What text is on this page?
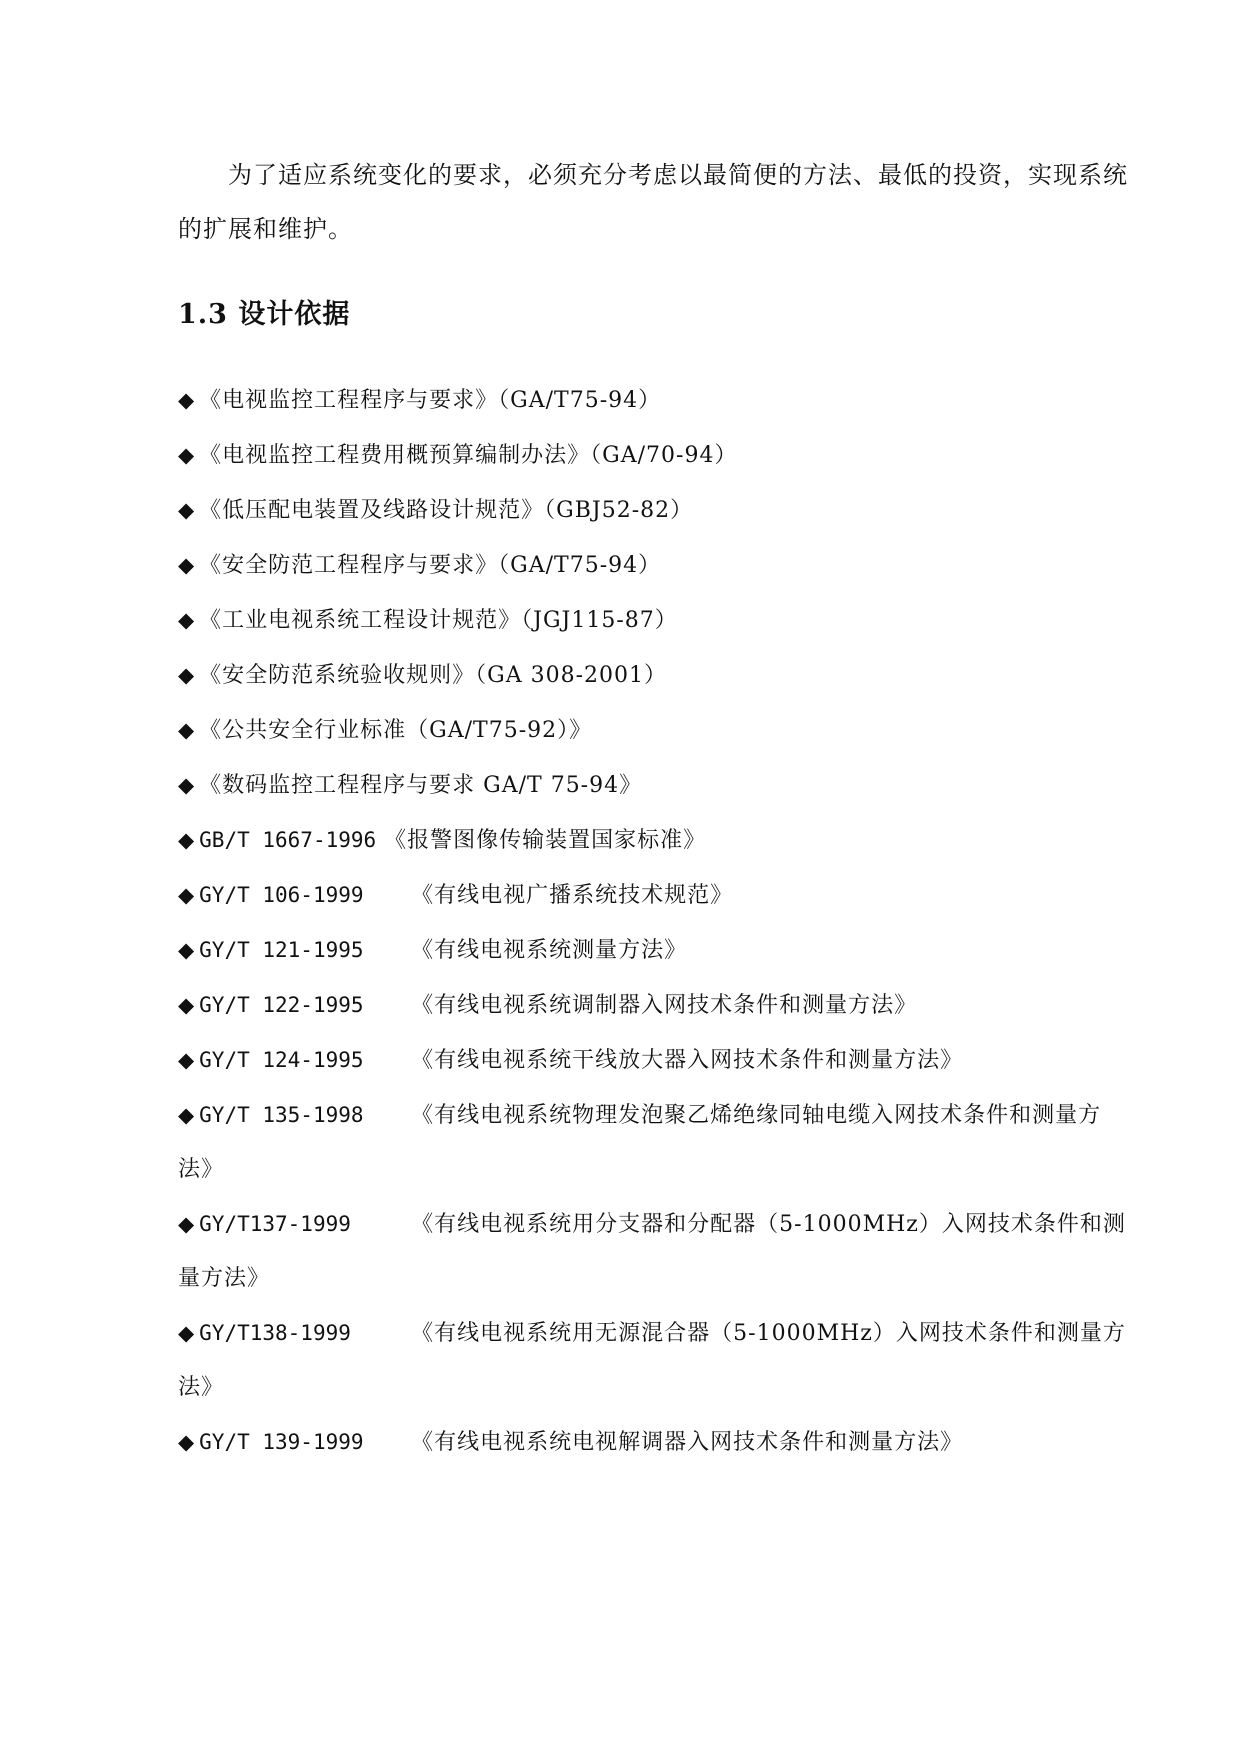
为了适应系统变化的要求，必须充分考虑以最简便的方法、最低的投资，实现系统的扩展和维护。

1.3 设计依据
◆ 《电视监控工程程序与要求》（GA/T75-94）
◆ 《电视监控工程费用概预算编制办法》（GA/70-94）
◆ 《低压配电装置及线路设计规范》（GBJ52-82）
◆ 《安全防范工程程序与要求》（GA/T75-94）
◆ 《工业电视系统工程设计规范》（JGJ115-87）
◆ 《安全防范系统验收规则》（GA 308-2001）
◆ 《公共安全行业标准（GA/T75-92）》
◆ 《数码监控工程程序与要求 GA/T 75-94》
◆ GB/T 1667-1996 《报警图像传输装置国家标准》
◆ GY/T 106-1999 《有线电视广播系统技术规范》
◆ GY/T 121-1995 《有线电视系统测量方法》
◆ GY/T 122-1995 《有线电视系统调制器入网技术条件和测量方法》
◆ GY/T 124-1995 《有线电视系统干线放大器入网技术条件和测量方法》
◆ GY/T 135-1998 《有线电视系统物理发泡聚乙烯绝缘同轴电缆入网技术条件和测量方法》
◆ GY/T137-1999	《有线电视系统用分支器和分配器（5-1000MHz）入网技术条件和测量方法》
◆ GY/T138-1999	《有线电视系统用无源混合器（5-1000MHz）入网技术条件和测量方法》
◆ GY/T 139-1999 《有线电视系统电视解调器入网技术条件和测量方法》
